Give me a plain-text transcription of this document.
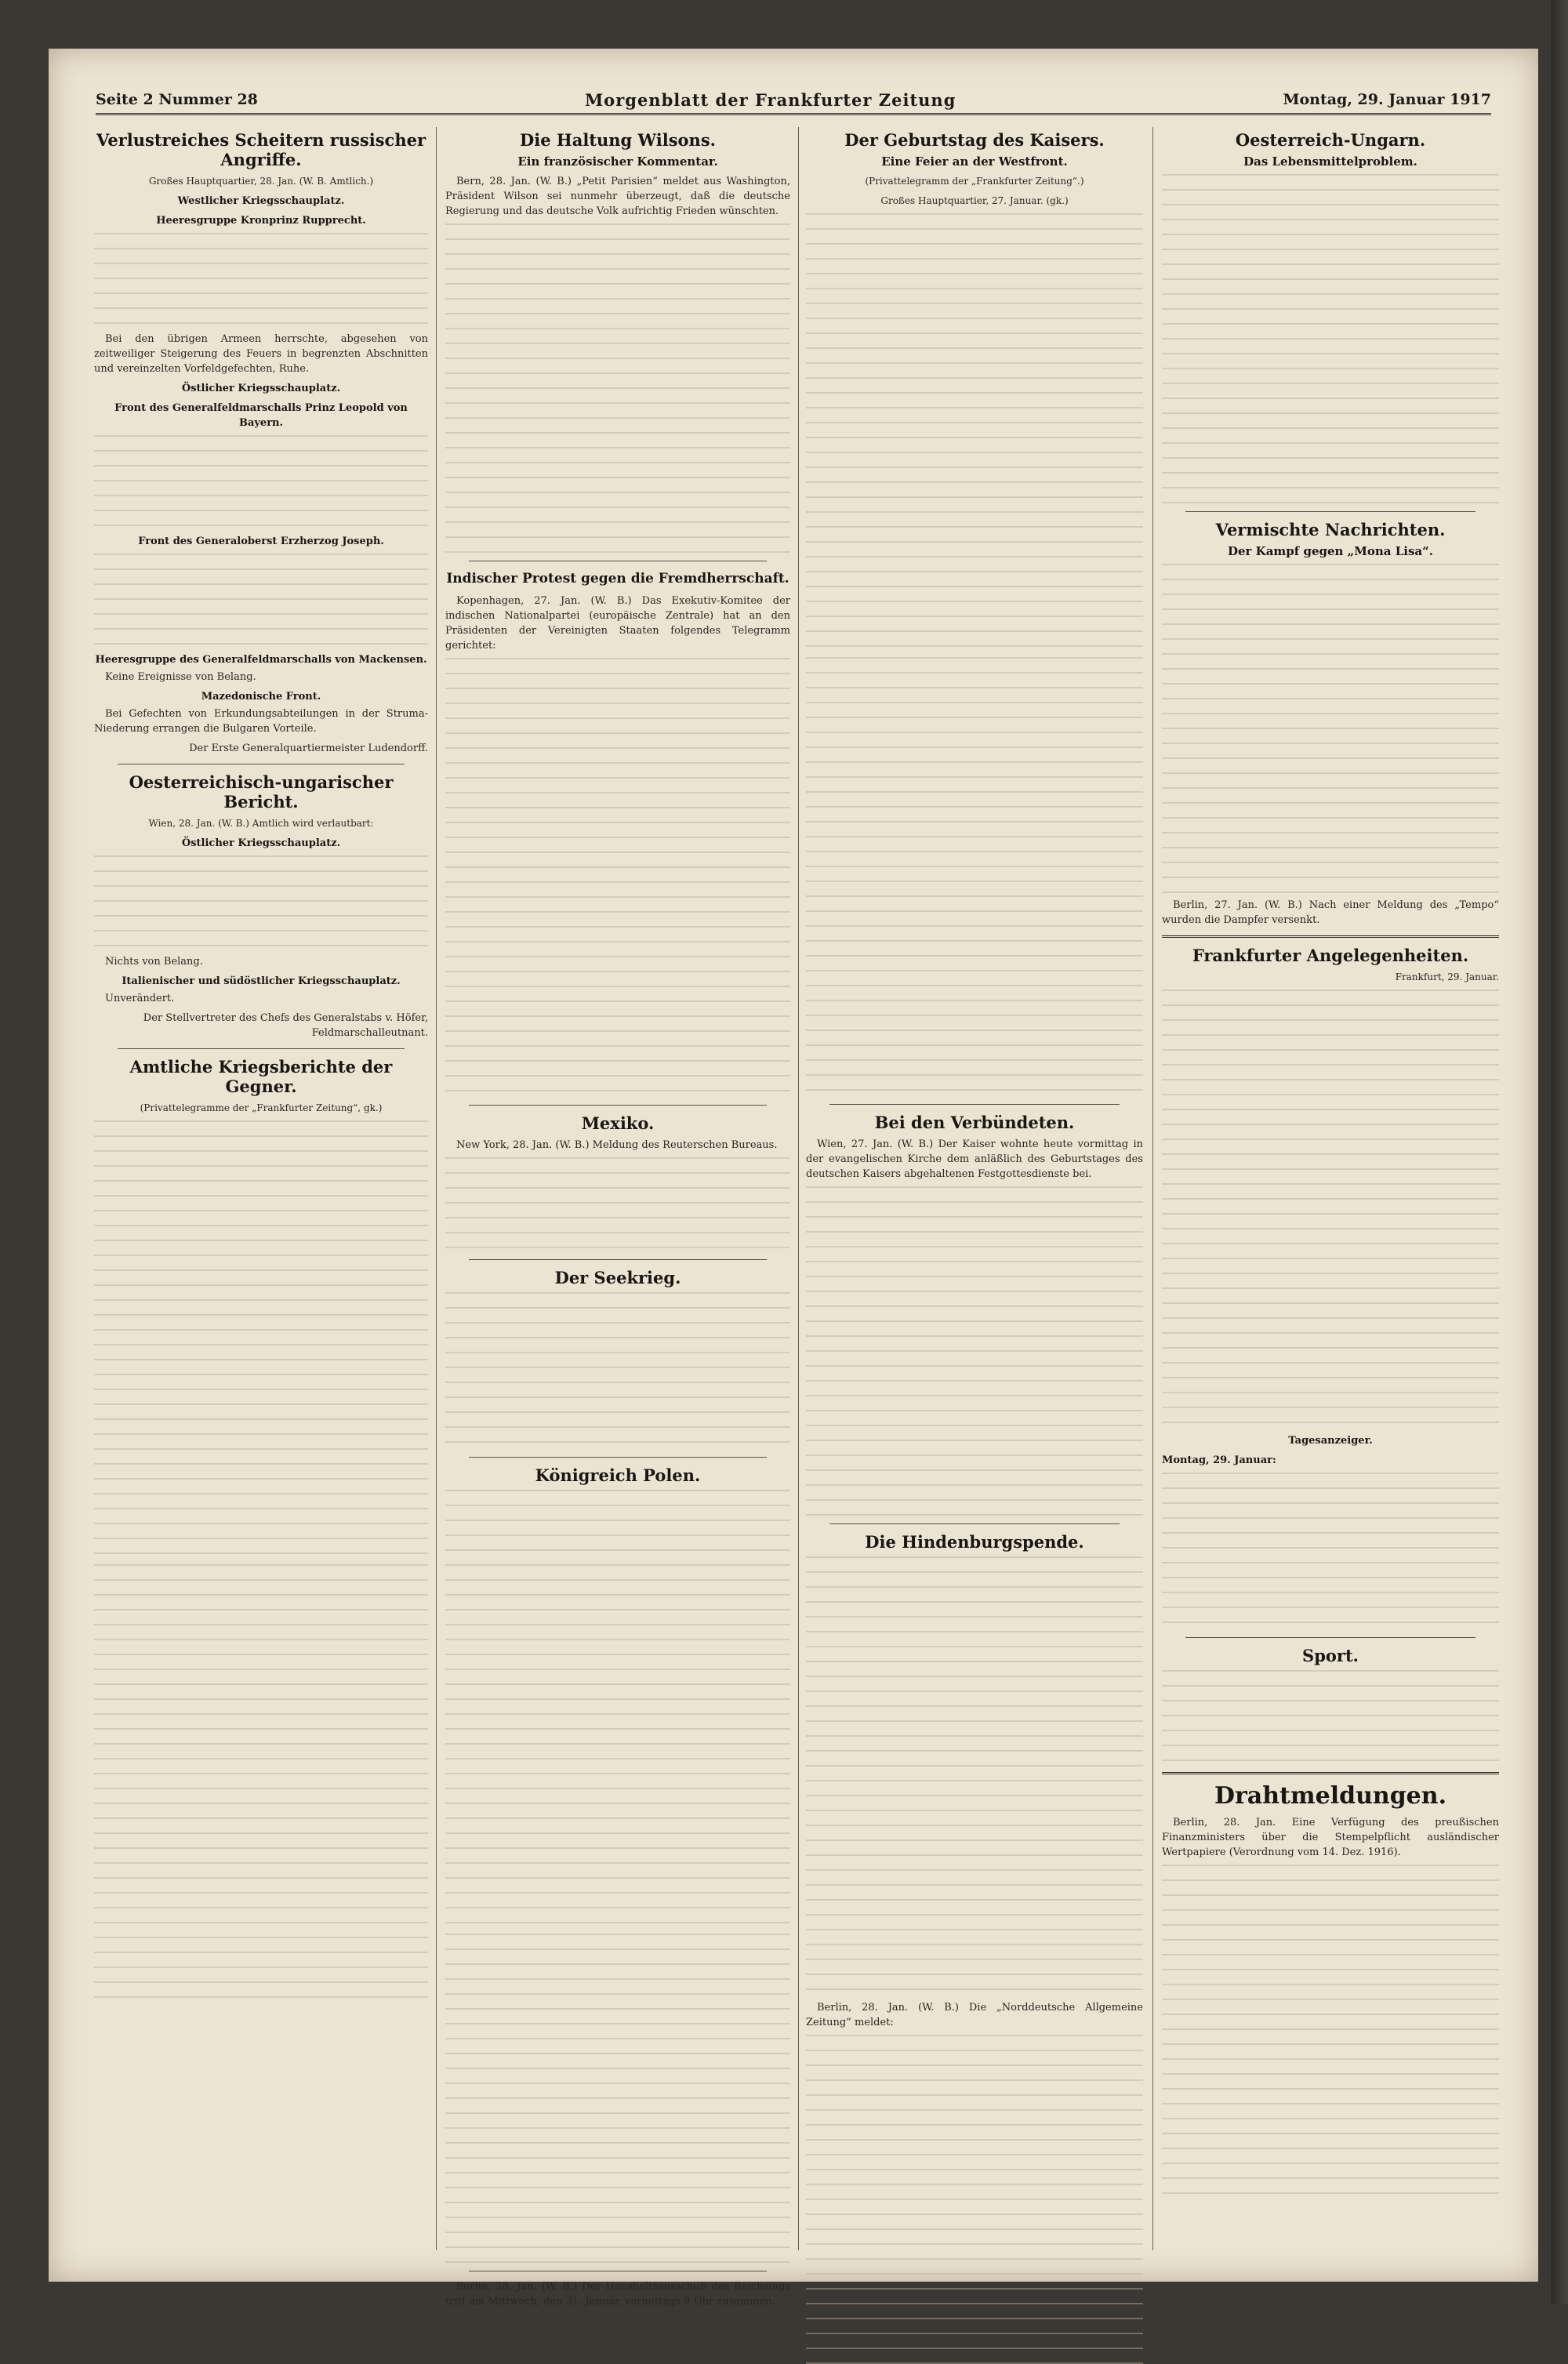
Seite 2 Nummer 28	Morgenblatt der Frankfurter Zeitung	Montag, 29. Januar 1917
Verlustreiches Scheitern russischer Angriffe.
Großes Hauptquartier, 28. Jan. (W. B. Amtlich.)
Westlicher Kriegsschauplatz.
Heeresgruppe Kronprinz Rupprecht.

Bei den übrigen Armeen herrschte, abgesehen von zeitweiliger Steigerung des Feuers in begrenzten Abschnitten und vereinzelten Vorfeldgefechten, Ruhe.

Östlicher Kriegsschauplatz.
Front des Generalfeldmarschalls Prinz Leopold von Bayern.
Front des Generaloberst Erzherzog Joseph.
Heeresgruppe des Generalfeldmarschalls von Mackensen.

Keine Ereignisse von Belang.

Mazedonische Front.

Bei Gefechten von Erkundungsabteilungen in der Struma-Niederung errangen die Bulgaren Vorteile.

Der Erste Generalquartiermeister Ludendorff.

Oesterreichisch-ungarischer Bericht.
Wien, 28. Jan. (W. B.) Amtlich wird verlautbart:
Östlicher Kriegsschauplatz.

Nichts von Belang.

Italienischer und südöstlicher Kriegsschauplatz.

Unverändert.

Der Stellvertreter des Chefs des Generalstabs v. Höfer, Feldmarschalleutnant.

Amtliche Kriegsberichte der Gegner.
(Privattelegramme der „Frankfurter Zeitung“, gk.)
Die Haltung Wilsons.
Ein französischer Kommentar.

Bern, 28. Jan. (W. B.) „Petit Parisien“ meldet aus Washington, Präsident Wilson sei nunmehr überzeugt, daß die deutsche Regierung und das deutsche Volk aufrichtig Frieden wünschten.

Indischer Protest gegen die Fremdherrschaft.

Kopenhagen, 27. Jan. (W. B.) Das Exekutiv-Komitee der indischen Nationalpartei (europäische Zentrale) hat an den Präsidenten der Vereinigten Staaten folgendes Telegramm gerichtet:

Mexiko.

New York, 28. Jan. (W. B.) Meldung des Reuterschen Bureaus.

Der Seekrieg.
Königreich Polen.

Berlin, 28. Jan. (W. B.) Der Haushaltsausschuß des Reichstags tritt am Mittwoch, den 31. Januar, vormittags 9 Uhr zusammen.

Der Geburtstag des Kaisers.
Eine Feier an der Westfront.
(Privattelegramm der „Frankfurter Zeitung“.)
Großes Hauptquartier, 27. Januar. (gk.)
Bei den Verbündeten.

Wien, 27. Jan. (W. B.) Der Kaiser wohnte heute vormittag in der evangelischen Kirche dem anläßlich des Geburtstages des deutschen Kaisers abgehaltenen Festgottesdienste bei.

Die Hindenburgspende.

Berlin, 28. Jan. (W. B.) Die „Norddeutsche Allgemeine Zeitung“ meldet:

Oesterreich-Ungarn.
Das Lebensmittelproblem.
Vermischte Nachrichten.
Der Kampf gegen „Mona Lisa“.

Berlin, 27. Jan. (W. B.) Nach einer Meldung des „Tempo“ wurden die Dampfer versenkt.

Frankfurter Angelegenheiten.
Frankfurt, 29. Januar.
Tagesanzeiger.
Montag, 29. Januar:
Sport.
Drahtmeldungen.

Berlin, 28. Jan. Eine Verfügung des preußischen Finanzministers über die Stempelpflicht ausländischer Wertpapiere (Verordnung vom 14. Dez. 1916).
